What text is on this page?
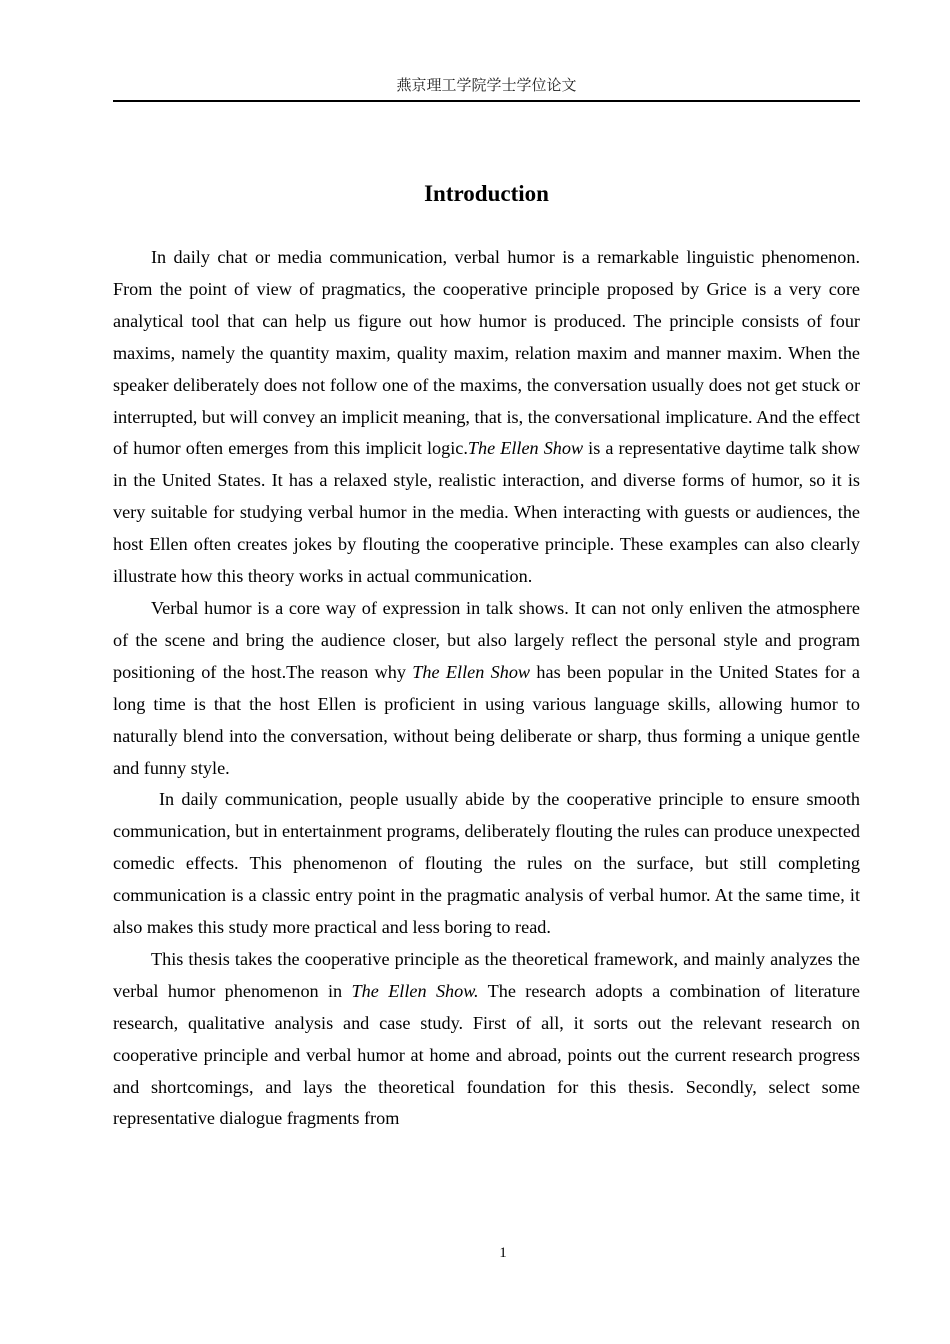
燕京理工学院学士学位论文
Introduction

In daily chat or media communication, verbal humor is a remarkable linguistic phenomenon. From the point of view of pragmatics, the cooperative principle proposed by Grice is a very core analytical tool that can help us figure out how humor is produced. The principle consists of four maxims, namely the quantity maxim, quality maxim, relation maxim and manner maxim. When the speaker deliberately does not follow one of the maxims, the conversation usually does not get stuck or interrupted, but will convey an implicit meaning, that is, the conversational implicature. And the effect of humor often emerges from this implicit logic.The Ellen Show is a representative daytime talk show in the United States. It has a relaxed style, realistic interaction, and diverse forms of humor, so it is very suitable for studying verbal humor in the media. When interacting with guests or audiences, the host Ellen often creates jokes by flouting the cooperative principle. These examples can also clearly illustrate how this theory works in actual communication.

Verbal humor is a core way of expression in talk shows. It can not only enliven the atmosphere of the scene and bring the audience closer, but also largely reflect the personal style and program positioning of the host.The reason why The Ellen Show has been popular in the United States for a long time is that the host Ellen is proficient in using various language skills, allowing humor to naturally blend into the conversation, without being deliberate or sharp, thus forming a unique gentle and funny style.

In daily communication, people usually abide by the cooperative principle to ensure smooth communication, but in entertainment programs, deliberately flouting the rules can produce unexpected comedic effects. This phenomenon of flouting the rules on the surface, but still completing communication is a classic entry point in the pragmatic analysis of verbal humor. At the same time, it also makes this study more practical and less boring to read.

This thesis takes the cooperative principle as the theoretical framework, and mainly analyzes the verbal humor phenomenon in The Ellen Show. The research adopts a combination of literature research, qualitative analysis and case study. First of all, it sorts out the relevant research on cooperative principle and verbal humor at home and abroad, points out the current research progress and shortcomings, and lays the theoretical foundation for this thesis. Secondly, select some representative dialogue fragments from

1
